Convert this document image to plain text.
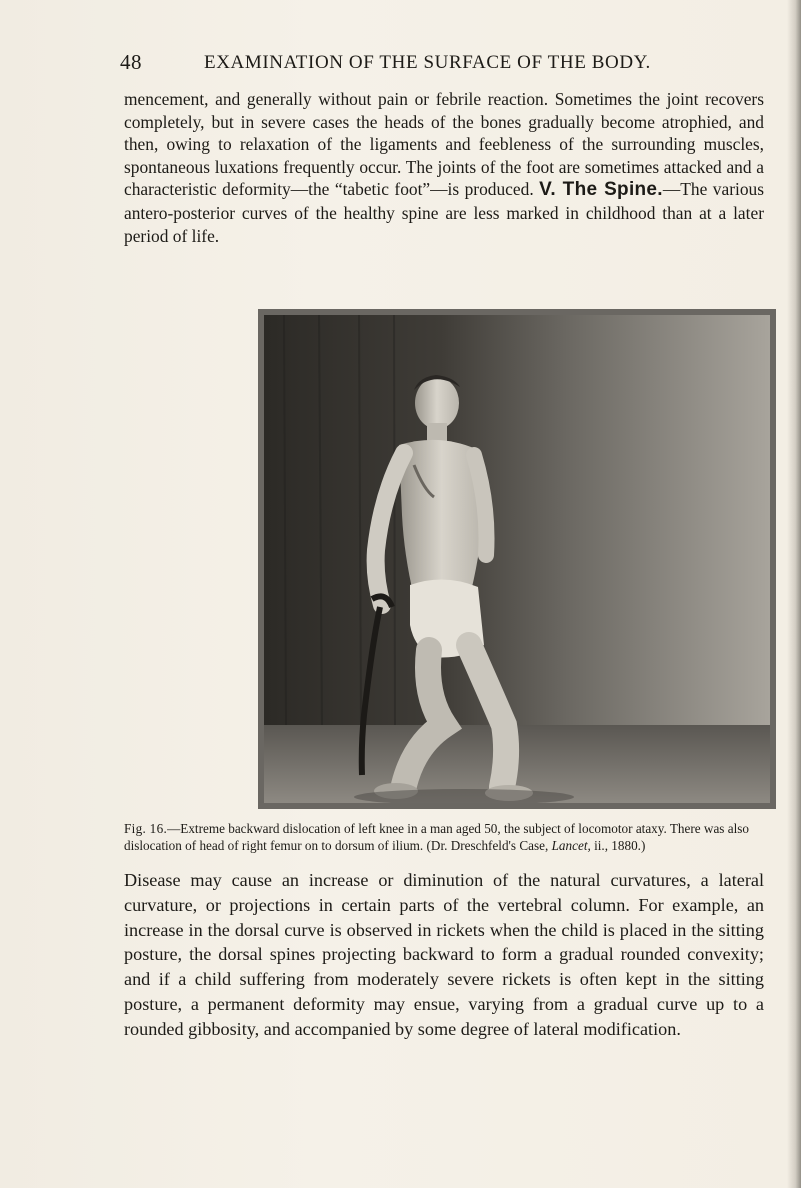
48	EXAMINATION OF THE SURFACE OF THE BODY.

mencement, and generally without pain or febrile reaction. Sometimes the joint recovers completely, but in severe cases the heads of the bones gradually become atrophied, and then, owing to relaxation of the ligaments and feebleness of the surrounding muscles, spontaneous luxations frequently occur. The joints of the foot are sometimes attacked and a characteristic deformity—the “tabetic foot”—is produced. V. The Spine.—The various antero-posterior curves of the healthy spine are less marked in childhood than at a later period of life.

Fig. 16.—Extreme backward dislocation of left knee in a man aged 50, the subject of locomotor ataxy. There was also dislocation of head of right femur on to dorsum of ilium. (Dr. Dreschfeld's Case, Lancet, ii., 1880.)

Disease may cause an increase or diminution of the natural curvatures, a lateral curvature, or projections in certain parts of the vertebral column. For example, an increase in the dorsal curve is observed in rickets when the child is placed in the sitting posture, the dorsal spines projecting backward to form a gradual rounded convexity; and if a child suffering from moderately severe rickets is often kept in the sitting posture, a permanent deformity may ensue, varying from a gradual curve up to a rounded gibbosity, and accompanied by some degree of lateral modification.
